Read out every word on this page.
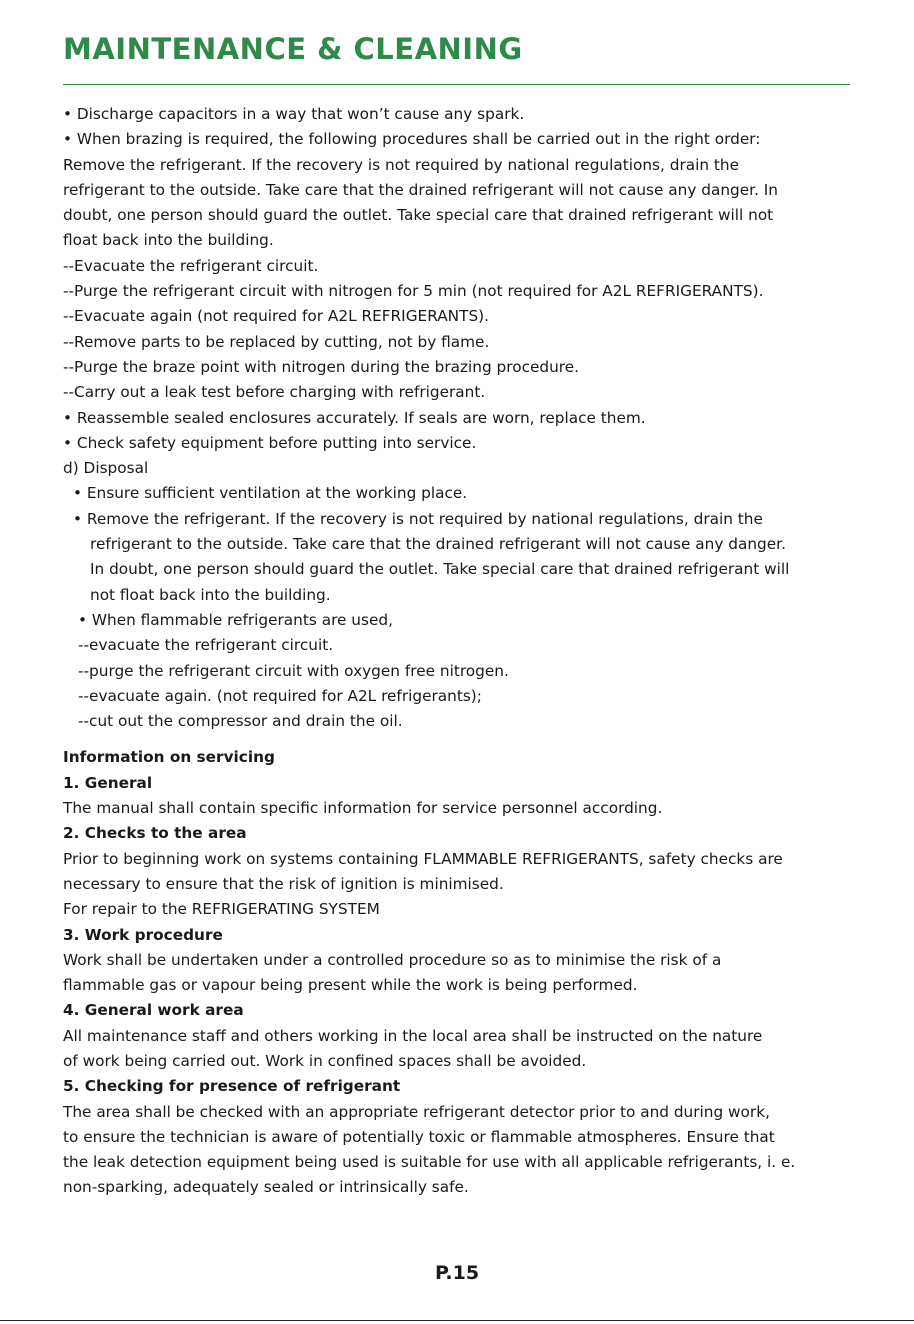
MAINTENANCE & CLEANING
• Discharge capacitors in a way that won’t cause any spark.
• When brazing is required, the following procedures shall be carried out in the right order:
Remove the refrigerant. If the recovery is not required by national regulations, drain the
refrigerant to the outside. Take care that the drained refrigerant will not cause any danger. In
doubt, one person should guard the outlet. Take special care that drained refrigerant will not
float back into the building.
--Evacuate the refrigerant circuit.
--Purge the refrigerant circuit with nitrogen for 5 min (not required for A2L REFRIGERANTS).
--Evacuate again (not required for A2L REFRIGERANTS).
--Remove parts to be replaced by cutting, not by flame.
--Purge the braze point with nitrogen during the brazing procedure.
--Carry out a leak test before charging with refrigerant.
• Reassemble sealed enclosures accurately. If seals are worn, replace them.
• Check safety equipment before putting into service.
d) Disposal
• Ensure sufficient ventilation at the working place.
• Remove the refrigerant. If the recovery is not required by national regulations, drain the
refrigerant to the outside. Take care that the drained refrigerant will not cause any danger.
In doubt, one person should guard the outlet. Take special care that drained refrigerant will
not float back into the building.
• When flammable refrigerants are used,
--evacuate the refrigerant circuit.
--purge the refrigerant circuit with oxygen free nitrogen.
--evacuate again. (not required for A2L refrigerants);
--cut out the compressor and drain the oil.
Information on servicing
1. General
The manual shall contain specific information for service personnel according.
2. Checks to the area
Prior to beginning work on systems containing FLAMMABLE REFRIGERANTS, safety checks are
necessary to ensure that the risk of ignition is minimised.
For repair to the REFRIGERATING SYSTEM
3. Work procedure
Work shall be undertaken under a controlled procedure so as to minimise the risk of a
flammable gas or vapour being present while the work is being performed.
4. General work area
All maintenance staff and others working in the local area shall be instructed on the nature
of work being carried out. Work in confined spaces shall be avoided.
5. Checking for presence of refrigerant
The area shall be checked with an appropriate refrigerant detector prior to and during work,
to ensure the technician is aware of potentially toxic or flammable atmospheres. Ensure that
the leak detection equipment being used is suitable for use with all applicable refrigerants, i. e.
non-sparking, adequately sealed or intrinsically safe.
P.15
